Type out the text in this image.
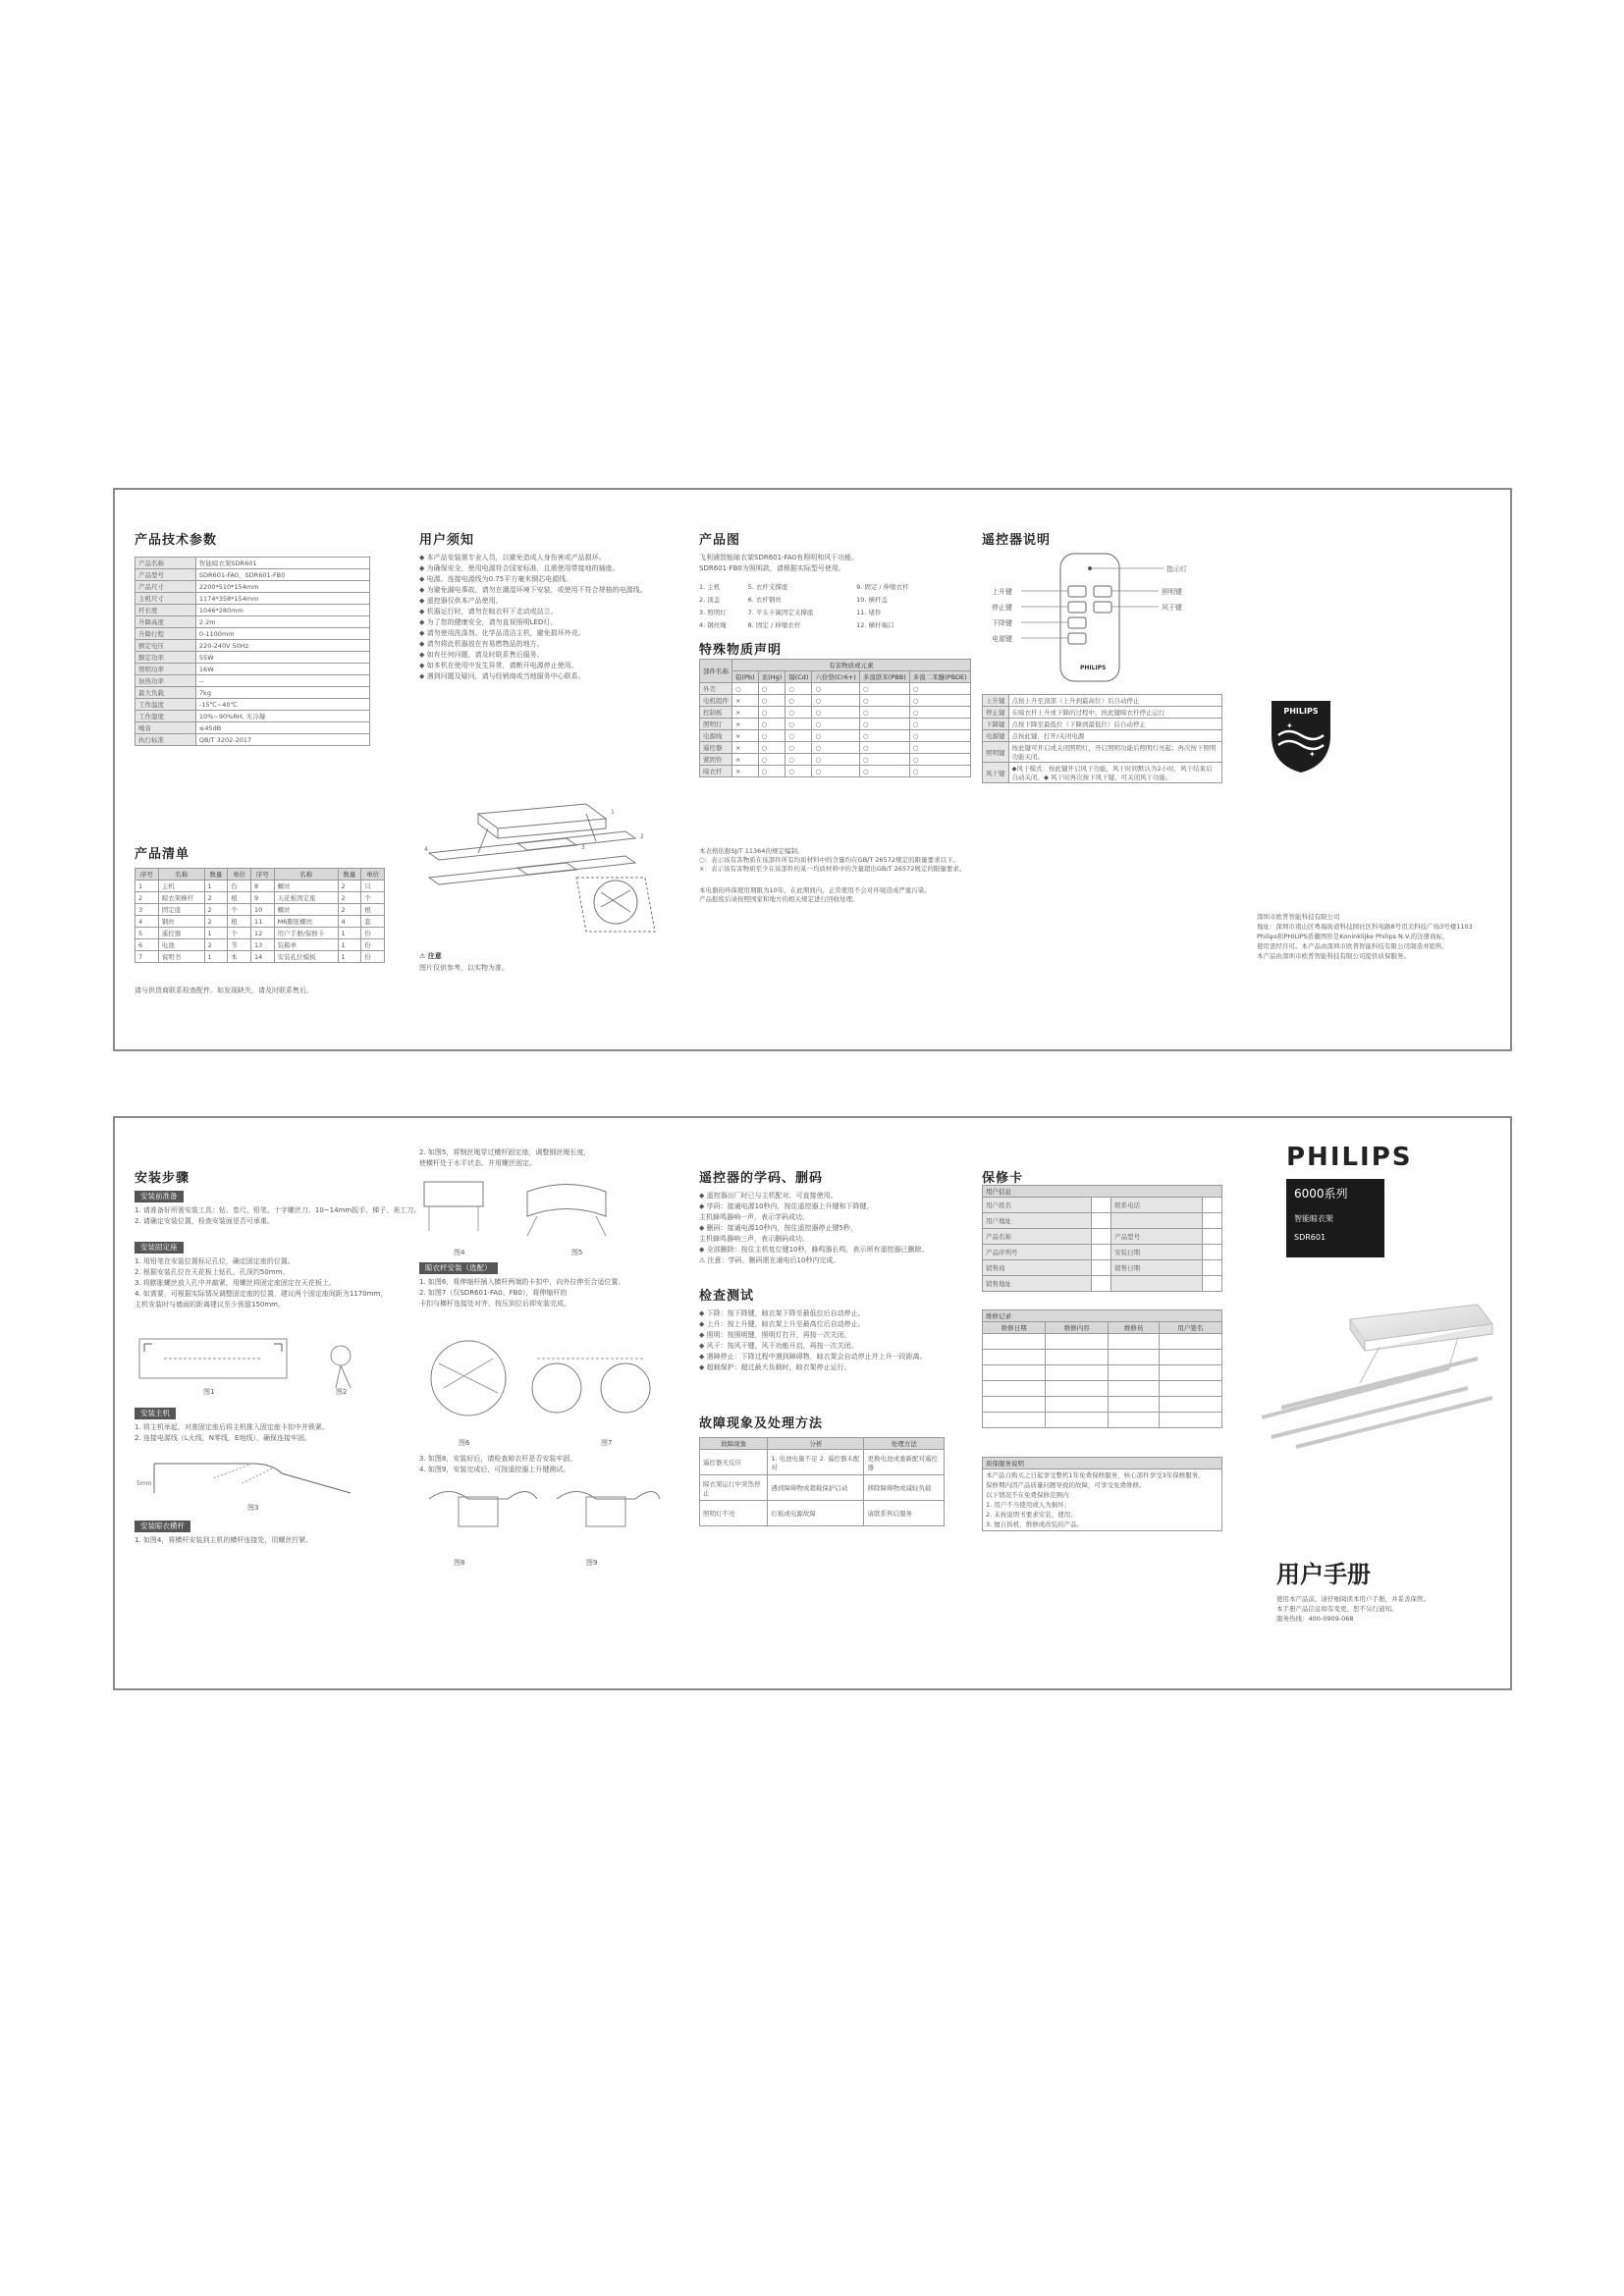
产品技术参数
产品名称	智能晾衣架SDR601
产品型号	SDR601-FA0、SDR601-FB0
产品尺寸	2200*510*154mm
主机尺寸	1174*358*154mm
杆长度	1046*280mm
升降高度	2.2m
升降行程	0-1100mm
额定电压	220-240V 50Hz
额定功率	55W
照明功率	16W
加热功率	--
最大负载	7kg
工作温度	-15℃~40℃
工作湿度	10%~90%RH, 无冷凝
噪音	≤45dB
执行标准	QB/T 3202-2017
产品清单
序号	名称	数量	单位	序号	名称	数量	单位
1	主机	1	台	8	螺丝	2	只
2	晾衣架横杆	2	根	9	天花板固定座	2	个
3	固定座	2	个	10	螺丝	2	根
4	钢丝	2	根	11	M6膨胀螺丝	4	套
5	遥控器	1	个	12	用户手册/保修卡	1	份
6	电池	2	节	13	装箱单	1	份
7	说明书	1	本	14	安装孔位模板	1	份
请与供货商联系检查配件。如发现缺失，请及时联系售后。
用户须知
◆ 本产品安装需专业人员，以避免造成人身伤害或产品损坏。
◆ 为确保安全，使用电源符合国家标准，且需使用带接地的插座。
◆ 电源、连接电源线为0.75平方毫米铜芯电源线。
◆ 为避免漏电事故，请勿在潮湿环境下安装，或使用不符合规格的电源线。
◆ 遥控器仅供本产品使用。
◆ 机器运行时，请勿在晾衣杆下走动或站立。
◆ 为了您的健康安全，请勿直视照明LED灯。
◆ 请勿使用洗涤剂、化学品清洁主机，避免损坏外壳。
◆ 请勿将此机器放在有易燃物品的地方。
◆ 如有任何问题，请及时联系售后服务。
◆ 如本机在使用中发生异常，请断开电源停止使用。
◆ 遇到问题及疑问，请与经销商或当地服务中心联系。
1
2
3
4
⚠ 注意
图片仅供参考，以实物为准。
产品图
飞利浦智能晾衣架SDR601-FA0有照明和风干功能，
SDR601-FB0为照明款，请根据实际型号使用。
1. 主机	5. 衣杆支撑座	9. 固定 / 伸缩衣杆
2. 顶盖	6. 衣杆钢丝	10. 横杆盖
3. 照明灯	7. 平头卡簧固定支撑座	11. 堵件
4. 钢丝绳	8. 固定 / 伸缩衣杆	12. 横杆端口
特殊物质声明
部件名称	有害物质或元素					
	铅(Pb)	汞(Hg)	镉(Cd)	六价铬(Cr6+)	多溴联苯(PBB)	多溴二苯醚(PBDE)
外壳	○	○	○	○	○	○
电机组件	×	○	○	○	○	○
控制板	×	○	○	○	○	○
照明灯	×	○	○	○	○	○
电源线	×	○	○	○	○	○
遥控器	×	○	○	○	○	○
紧固件	×	○	○	○	○	○
晾衣杆	×	○	○	○	○	○
本表格依据SJ/T 11364的规定编制。
○：表示该有害物质在该部件所有均质材料中的含量均在GB/T 26572规定的限量要求以下。
×：表示该有害物质至少在该部件的某一均质材料中的含量超出GB/T 26572规定的限量要求。
本电器的环保使用期限为10年，在此期间内，正常使用不会对环境造成严重污染。
产品报废后请按照国家和地方的相关规定进行回收处理。
遥控器说明
指示灯
上升键
停止键
下降键
电源键
照明键
风干键
PHILIPS
上升键	点按上升至顶部（上升到最高位）后自动停止
停止键	在晾衣杆上升或下降的过程中，按此键晾衣杆停止运行
下降键	点按下降至最低位（下降到最低位）后自动停止
电源键	点按此键，打开/关闭电源
照明键	按此键可开启或关闭照明灯，开启照明功能后照明灯亮起；再次按下照明功能关闭。
风干键	◆风干模式：按此键开启风干功能，风干时间默认为2小时，风干结束后自动关闭。◆ 风干时再次按下风干键，可关闭风干功能。
PHILIPS
✦
✦
深圳市欧普智能科技有限公司
地址：深圳市南山区粤海街道科技园社区科苑路8号讯美科技广场3号楼1103
Philips和PHILIPS盾徽图形是Koninklijke Philips N.V.的注册商标，
使用需经许可。本产品由深圳市欧普智能科技有限公司制造并销售。
本产品由深圳市欧普智能科技有限公司提供质保服务。
安装步骤
安装前准备
1. 请准备好所需安装工具：钻、卷尺、铅笔、十字螺丝刀、10~14mm扳手、梯子、美工刀。
2. 请确定安装位置，检查安装面是否可承重。
安装固定座
1. 用铅笔在安装位置标记孔位，确定固定座的位置。
2. 根据安装孔位在天花板上钻孔，孔深约50mm。
3. 将膨胀螺丝放入孔中并敲紧，用螺丝将固定座固定在天花板上。
4. 如需要，可根据实际情况调整固定座的位置，建议两个固定座间距为1170mm，
主机安装时与墙面的距离建议至少预留150mm。
图1	图2
安装主机
1. 将主机举起，对准固定座后将主机推入固定座卡扣中并锁紧。
2. 连接电源线（L火线，N零线，E地线），确保连接牢固。
5mm
图3
安装晾衣横杆
1. 如图4，将横杆安装到主机的横杆连接处，用螺丝拧紧。
2. 如图5，将钢丝绳穿过横杆固定座，调整钢丝绳长度，
使横杆处于水平状态，并用螺丝固定。
图4	图5
晾衣杆安装（选配）
1. 如图6，将伸缩杆插入横杆两端的卡扣中，向外拉伸至合适位置。
2. 如图7（仅SDR601-FA0、FB0），将伸缩杆的
卡扣与横杆连接处对齐，按压到位后即安装完成。
图6	图7
3. 如图8，安装好后，请检查晾衣杆是否安装牢固。
4. 如图9，安装完成后，可按遥控器上升键测试。
图8	图9
遥控器的学码、删码
◆ 遥控器出厂时已与主机配对，可直接使用。
◆ 学码：接通电源10秒内，按住遥控器上升键和下降键，
主机蜂鸣器响一声，表示学码成功。
◆ 删码：接通电源10秒内，按住遥控器停止键5秒，
主机蜂鸣器响三声，表示删码成功。
◆ 全部删除：按住主机复位键10秒，蜂鸣器长鸣，表示所有遥控器已删除。
⚠ 注意：学码、删码需在通电后10秒内完成。
检查测试
◆ 下降：按下降键，晾衣架下降至最低位后自动停止。
◆ 上升：按上升键，晾衣架上升至最高位后自动停止。
◆ 照明：按照明键，照明灯打开，再按一次关闭。
◆ 风干：按风干键，风干功能开启，再按一次关闭。
◆ 遇障停止：下降过程中遇到障碍物，晾衣架会自动停止并上升一段距离。
◆ 超载保护：超过最大负载时，晾衣架停止运行。
故障现象及处理方法
故障现象	分析	处理方法
遥控器无反应	1. 电池电量不足 2. 遥控器未配对	更换电池或重新配对遥控器
晾衣架运行中突然停止	遇到障碍物或超载保护启动	移除障碍物或减轻负载
照明灯不亮	灯板或电源故障	请联系售后服务
保修卡
用户信息			
用户姓名		联系电话	
用户地址			
产品名称		产品型号	
产品序列号		安装日期	
销售商		销售日期	
销售地址			
维修记录			
维修日期	维修内容	维修员	用户签名

质保服务说明

本产品自购买之日起享受整机1年免费保修服务，核心部件享受3年保修服务。
保修期内因产品质量问题导致的故障，可享受免费维修。
以下情况不在免费保修范围内：
1. 用户不当使用或人为损坏；
2. 未按说明书要求安装、使用；
3. 擅自拆机、维修或改装的产品。
PHILIPS
6000系列
智能晾衣架
SDR601
用户手册
使用本产品前，请仔细阅读本用户手册，并妥善保管。
本手册产品信息如有变更，恕不另行通知。
服务热线：400-0909-068
